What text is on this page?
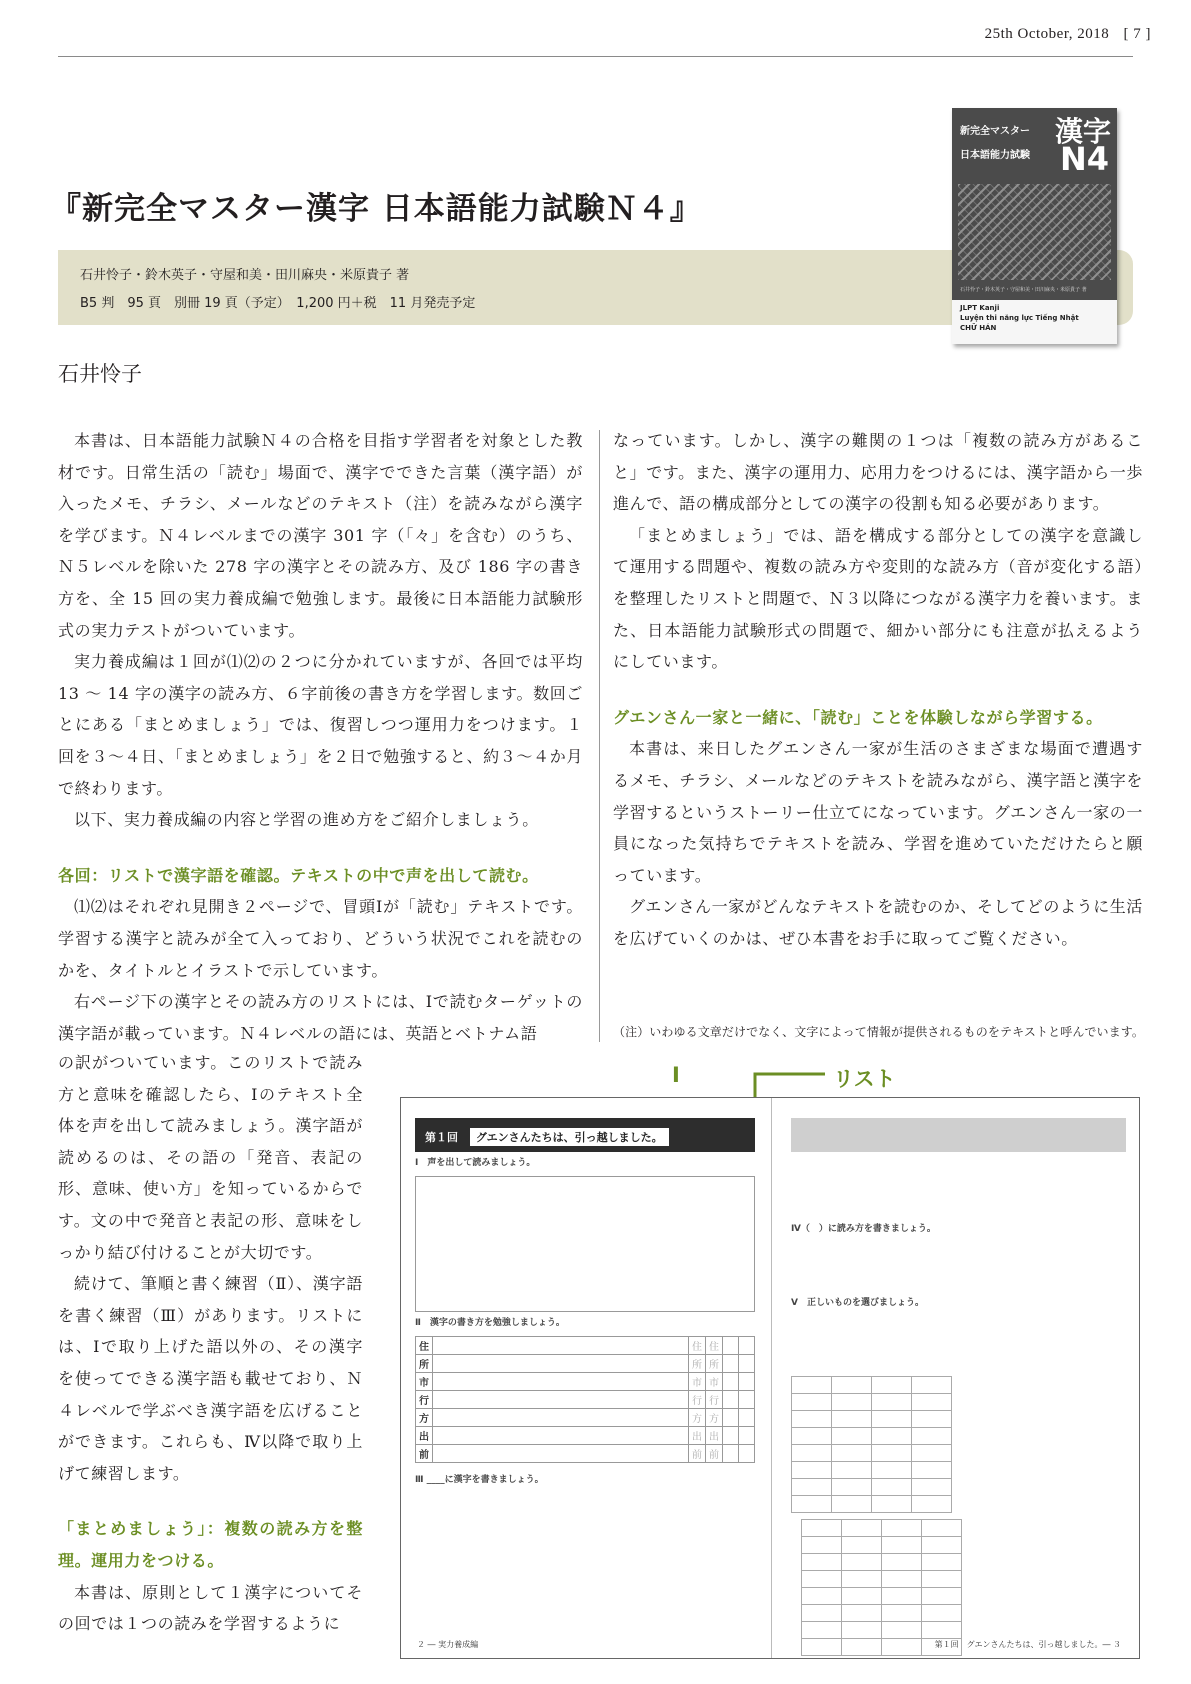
25th October, 2018 [ 7 ]
『新完全マスター漢字 日本語能力試験Ｎ４』
石井怜子・鈴木英子・守屋和美・田川麻央・米原貴子 著
B5 判　95 頁　別冊 19 頁（予定）　1,200 円＋税　11 月発売予定
新完全マスター 漢字
日本語能力試験 N4
石井怜子・鈴木英子・守屋和美・田川麻央・米原貴子 著
JLPT Kanji
Luyện thi năng lực Tiếng Nhật
CHỮ HÁN
石井怜子

本書は、日本語能力試験Ｎ４の合格を目指す学習者を対象とした教材です。日常生活の「読む」場面で、漢字でできた言葉（漢字語）が入ったメモ、チラシ、メールなどのテキスト（注）を読みながら漢字を学びます。Ｎ４レベルまでの漢字 301 字（「々」を含む）のうち、Ｎ５レベルを除いた 278 字の漢字とその読み方、及び 186 字の書き方を、全 15 回の実力養成編で勉強します。最後に日本語能力試験形式の実力テストがついています。

実力養成編は１回が⑴⑵の２つに分かれていますが、各回では平均 13 ～ 14 字の漢字の読み方、６字前後の書き方を学習します。数回ごとにある「まとめましょう」では、復習しつつ運用力をつけます。１回を３～４日、「まとめましょう」を２日で勉強すると、約３～４か月で終わります。

以下、実力養成編の内容と学習の進め方をご紹介しましょう。

各回：リストで漢字語を確認。テキストの中で声を出して読む。

⑴⑵はそれぞれ見開き２ページで、冒頭Ⅰが「読む」テキストです。学習する漢字と読みが全て入っており、どういう状況でこれを読むのかを、タイトルとイラストで示しています。

右ページ下の漢字とその読み方のリストには、Ⅰで読むターゲットの漢字語が載っています。Ｎ４レベルの語には、英語とベトナム語

なっています。しかし、漢字の難関の１つは「複数の読み方があること」です。また、漢字の運用力、応用力をつけるには、漢字語から一歩進んで、語の構成部分としての漢字の役割も知る必要があります。

「まとめましょう」では、語を構成する部分としての漢字を意識して運用する問題や、複数の読み方や変則的な読み方（音が変化する語）を整理したリストと問題で、Ｎ３以降につながる漢字力を養います。また、日本語能力試験形式の問題で、細かい部分にも注意が払えるようにしています。

グエンさん一家と一緒に、「読む」ことを体験しながら学習する。

本書は、来日したグエンさん一家が生活のさまざまな場面で遭遇するメモ、チラシ、メールなどのテキストを読みながら、漢字語と漢字を学習するというストーリー仕立てになっています。グエンさん一家の一員になった気持ちでテキストを読み、学習を進めていただけたらと願っています。

グエンさん一家がどんなテキストを読むのか、そしてどのように生活を広げていくのかは、ぜひ本書をお手に取ってご覧ください。

の訳がついています。このリストで読み方と意味を確認したら、Ⅰのテキスト全体を声を出して読みましょう。漢字語が読めるのは、その語の「発音、表記の形、意味、使い方」を知っているからです。文の中で発音と表記の形、意味をしっかり結び付けることが大切です。

続けて、筆順と書く練習（Ⅱ）、漢字語を書く練習（Ⅲ）があります。リストには、Ⅰで取り上げた語以外の、その漢字を使ってできる漢字語も載せており、Ｎ４レベルで学ぶべき漢字語を広げることができます。これらも、Ⅳ以降で取り上げて練習します。

「まとめましょう」：複数の読み方を整理。運用力をつける。

本書は、原則として１漢字についてその回では１つの読みを学習するように

（注）いわゆる文章だけでなく、文字によって情報が提供されるものをテキストと呼んでいます。
Ⅰ	リスト
第１回 グエンさんたちは、引っ越しました。
Ⅰ　声を出して読みましょう。

Ⅱ　漢字の書き方を勉強しましょう。
住		住	住		
所		所	所		
市		市	市		
行		行	行		
方		方	方		
出		出	出		
前		前	前		
Ⅲ ____に漢字を書きましょう。
Ⅳ（　）に読み方を書きましょう。
Ⅴ　正しいものを選びましょう。

２ ― 実力養成編	第１回　グエンさんたちは、引っ越しました。― ３
